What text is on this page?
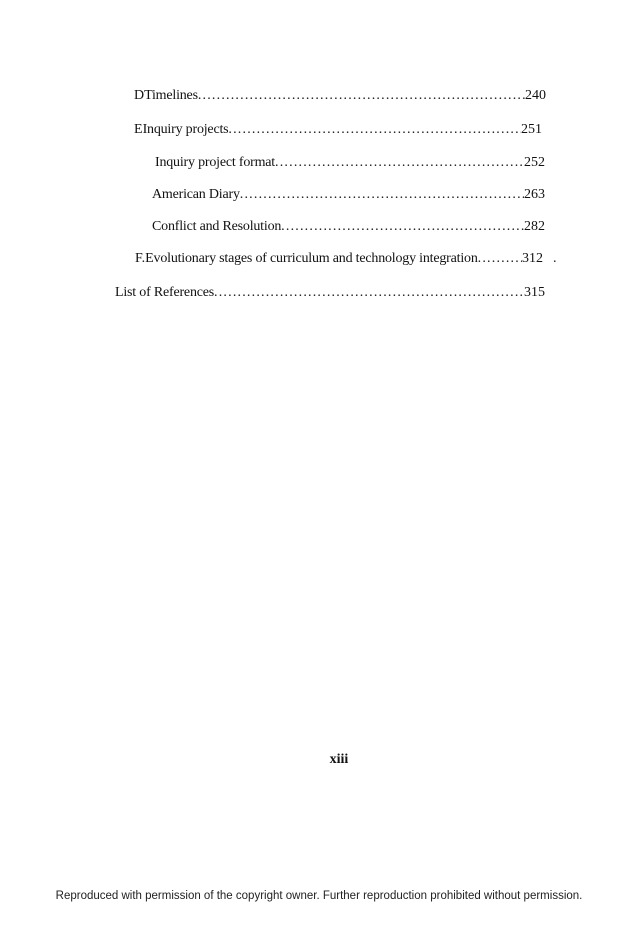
D Timelines .....	240
E Inquiry projects .....	251
Inquiry project format .....	252
American Diary .....	263
Conflict and Resolution .....	282
F. Evolutionary stages of curriculum and technology integration .....	312 .
List of References .....	315
xiii
Reproduced with permission of the copyright owner. Further reproduction prohibited without permission.
